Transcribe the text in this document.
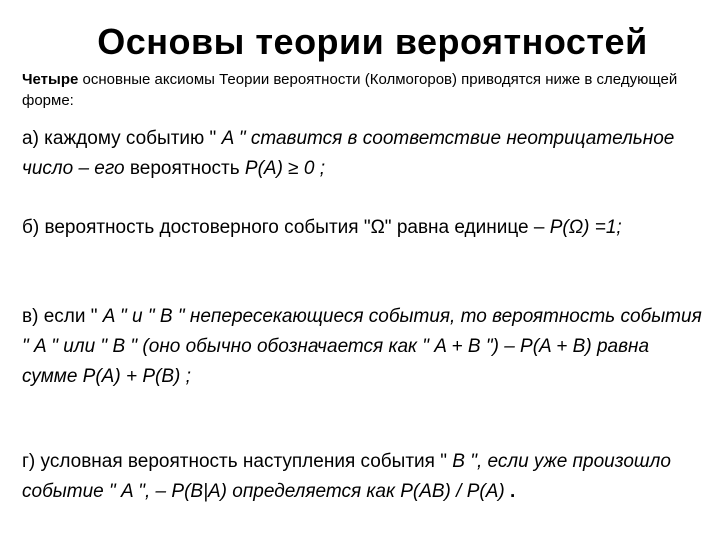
Основы теории вероятностей
Четыре основные аксиомы Теории вероятности (Колмогоров) приводятся ниже в следующей форме:
а) каждому событию " A " ставится в соответствие неотрицательное число – его вероятность P(A) ≥ 0 ;
б) вероятность достоверного события "Ω" равна единице – P(Ω) =1;
в) если " A " и " B " непересекающиеся события, то вероятность события " A " или " B " (оно обычно обозначается как " A + B ") – P(A + B) равна сумме P(A) + P(B) ;
г) условная вероятность наступления события " B ", если уже произошло событие " A ", – P(B|A) определяется как P(AB) / P(A) .
